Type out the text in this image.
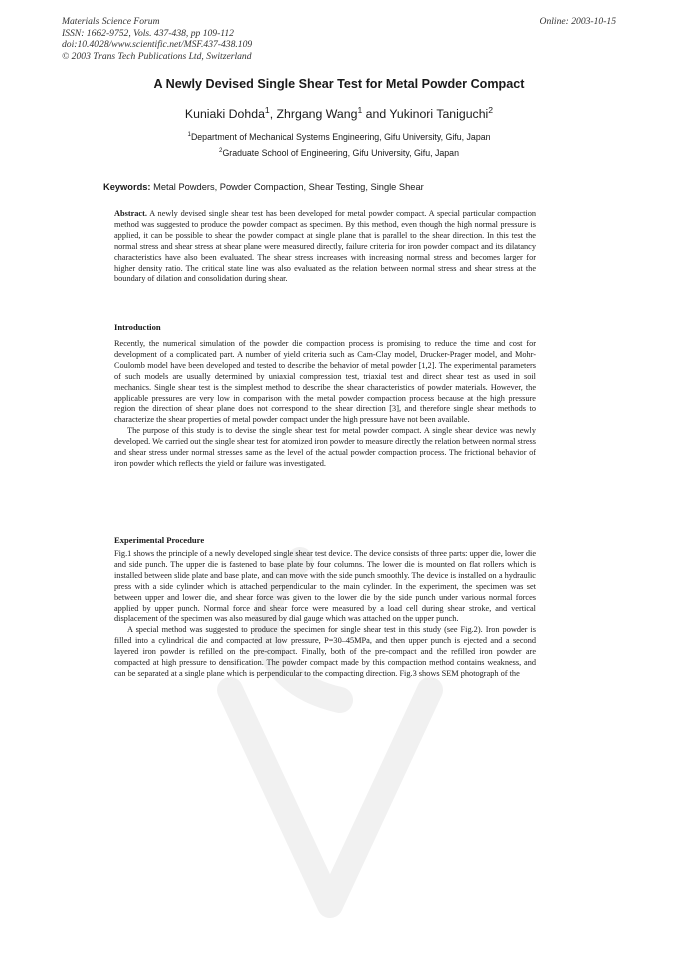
Materials Science Forum
ISSN: 1662-9752, Vols. 437-438, pp 109-112
doi:10.4028/www.scientific.net/MSF.437-438.109
© 2003 Trans Tech Publications Ltd, Switzerland
Online: 2003-10-15
A Newly Devised Single Shear Test for Metal Powder Compact
Kuniaki Dohda$^1$, Zhrgang Wang$^1$ and Yukinori Taniguchi$^2$
$^1$Department of Mechanical Systems Engineering, Gifu University, Gifu, Japan
$^2$Graduate School of Engineering, Gifu University, Gifu, Japan
Keywords: Metal Powders, Powder Compaction, Shear Testing, Single Shear

Abstract. A newly devised single shear test has been developed for metal powder compact. A special particular compaction method was suggested to produce the powder compact as specimen. By this method, even though the high normal pressure is applied, it can be possible to shear the powder compact at single plane that is parallel to the shear direction. In this test the normal stress and shear stress at shear plane were measured directly, failure criteria for iron powder compact and its dilatancy characteristics have also been evaluated. The shear stress increases with increasing normal stress and becomes larger for higher density ratio. The critical state line was also evaluated as the relation between normal stress and shear stress at the boundary of dilation and consolidation during shear.

Introduction

Recently, the numerical simulation of the powder die compaction process is promising to reduce the time and cost for development of a complicated part. A number of yield criteria such as Cam-Clay model, Drucker-Prager model, and Mohr-Coulomb model have been developed and tested to describe the behavior of metal powder [1,2]. The experimental parameters of such models are usually determined by uniaxial compression test, triaxial test and direct shear test as used in soil mechanics. Single shear test is the simplest method to describe the shear characteristics of powder materials. However, the applicable pressures are very low in comparison with the metal powder compaction process because at the high pressure region the direction of shear plane does not correspond to the shear direction [3], and therefore single shear methods to characterize the shear properties of metal powder compact under the high pressure have not been available.

The purpose of this study is to devise the single shear test for metal powder compact. A single shear device was newly developed. We carried out the single shear test for atomized iron powder to measure directly the relation between normal stress and shear stress under normal stresses same as the level of the actual powder compaction process. The frictional behavior of iron powder which reflects the yield or failure was investigated.

Experimental Procedure

Fig.1 shows the principle of a newly developed single shear test device. The device consists of three parts: upper die, lower die and side punch. The upper die is fastened to base plate by four columns. The lower die is mounted on flat rollers which is installed between slide plate and base plate, and can move with the side punch smoothly. The device is installed on a hydraulic press with a side cylinder which is attached perpendicular to the main cylinder. In the experiment, the specimen was set between upper and lower die, and shear force was given to the lower die by the side punch under various normal forces applied by upper punch. Normal force and shear force were measured by a load cell during shear stroke, and vertical displacement of the specimen was also measured by dial gauge which was attached on the upper punch.

A special method was suggested to produce the specimen for single shear test in this study (see Fig.2). Iron powder is filled into a cylindrical die and compacted at low pressure, P=30–45MPa, and then upper punch is ejected and a second layered iron powder is refilled on the pre-compact. Finally, both of the pre-compact and the refilled iron powder are compacted at high pressure to densification. The powder compact made by this compaction method contains weakness, and can be separated at a single plane which is perpendicular to the compacting direction. Fig.3 shows SEM photograph of the
